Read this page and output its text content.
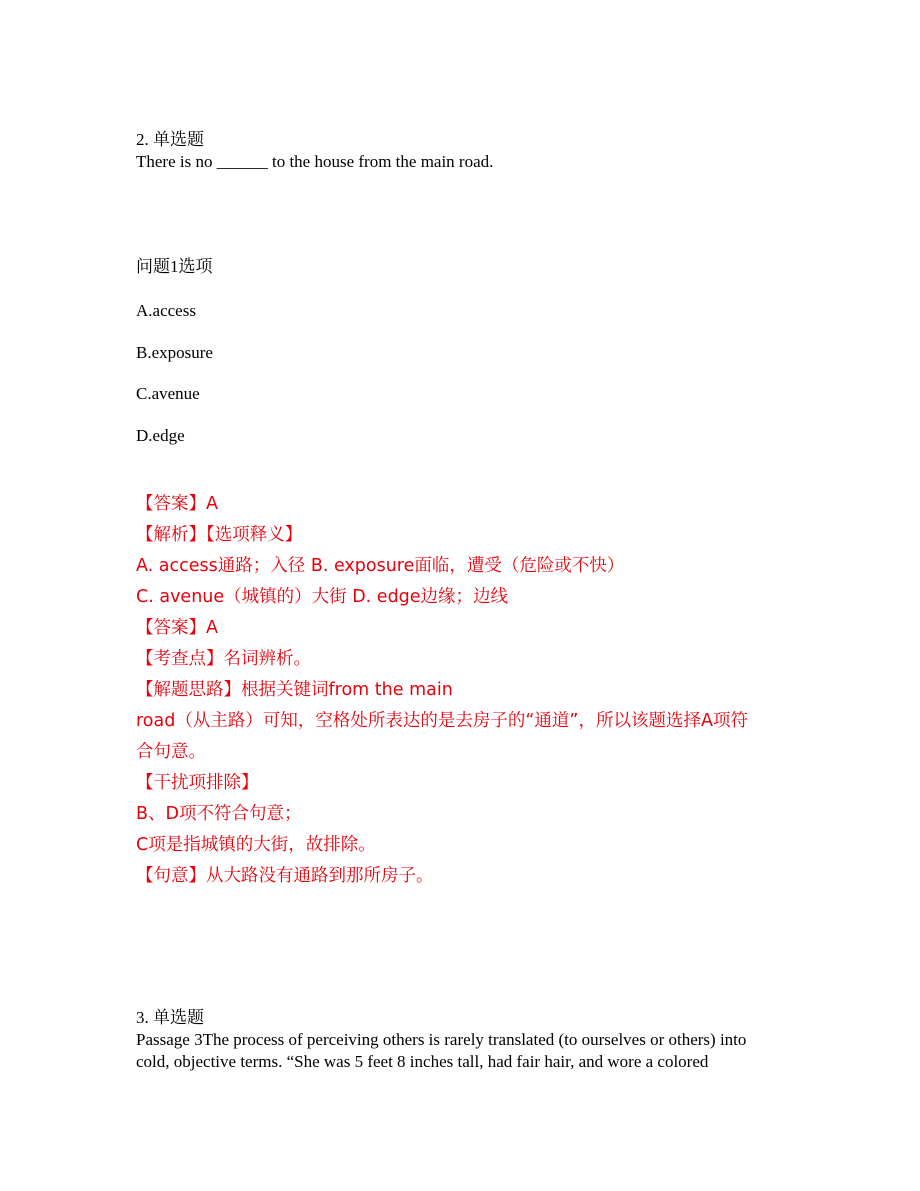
2. 单选题
There is no ______ to the house from the main road.

问题1选项

A.access

B.exposure

C.avenue

D.edge

【答案】A
【解析】【选项释义】
A. access通路；入径 B. exposure面临，遭受（危险或不快）
C. avenue（城镇的）大街 D. edge边缘；边线
【答案】A
【考查点】名词辨析。
【解题思路】根据关键词from the main
road（从主路）可知，空格处所表达的是去房子的“通道”，所以该题选择A项符
合句意。
【干扰项排除】
B、D项不符合句意；
C项是指城镇的大街，故排除。
【句意】从大路没有通路到那所房子。
3. 单选题
Passage 3The process of perceiving others is rarely translated (to ourselves or others) into
cold, objective terms. “She was 5 feet 8 inches tall, had fair hair, and wore a colored
